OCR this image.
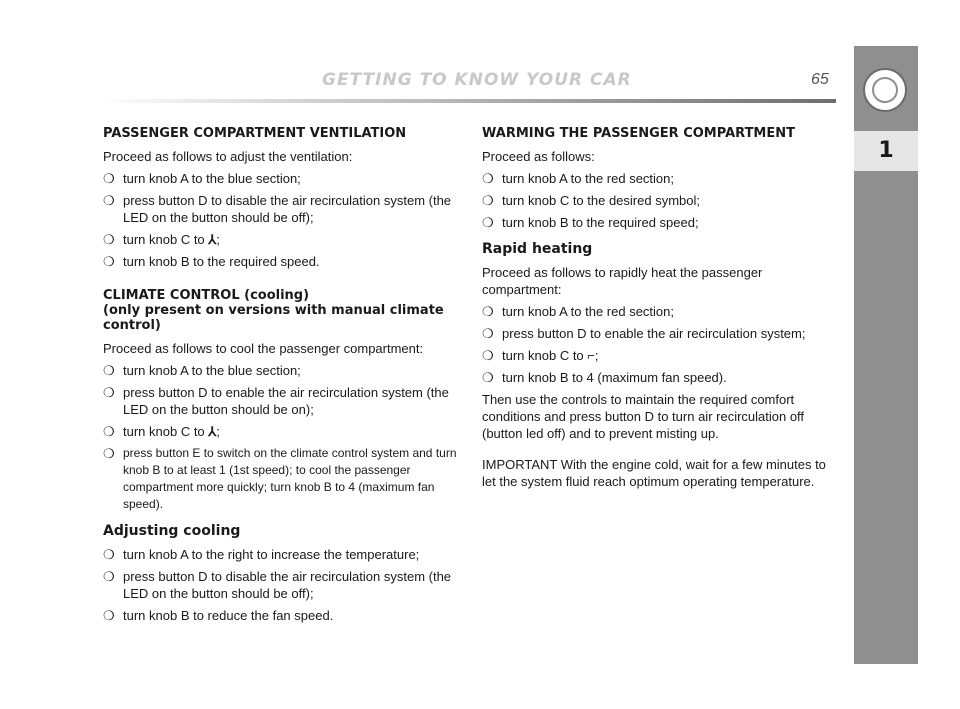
GETTING TO KNOW YOUR CAR	65
1
PASSENGER COMPARTMENT VENTILATION

Proceed as follows to adjust the ventilation:

❍ turn knob A to the blue section;
❍ press button D to disable the air recirculation system (the LED on the button should be off);
❍ turn knob C to ⅄;
❍ turn knob B to the required speed.
CLIMATE CONTROL (cooling)
(only present on versions with manual climate control)

Proceed as follows to cool the passenger compartment:

❍ turn knob A to the blue section;
❍ press button D to enable the air recirculation system (the LED on the button should be on);
❍ turn knob C to ⅄;
❍ press button E to switch on the climate control system and turn knob B to at least 1 (1st speed); to cool the passenger compartment more quickly; turn knob B to 4 (maximum fan speed).
Adjusting cooling
❍ turn knob A to the right to increase the temperature;
❍ press button D to disable the air recirculation system (the LED on the button should be off);
❍ turn knob B to reduce the fan speed.
WARMING THE PASSENGER COMPARTMENT

Proceed as follows:

❍ turn knob A to the red section;
❍ turn knob C to the desired symbol;
❍ turn knob B to the required speed;
Rapid heating

Proceed as follows to rapidly heat the passenger compartment:

❍ turn knob A to the red section;
❍ press button D to enable the air recirculation system;
❍ turn knob C to ⌐;
❍ turn knob B to 4 (maximum fan speed).

Then use the controls to maintain the required comfort conditions and press button D to turn air recirculation off (button led off) and to prevent misting up.

IMPORTANT With the engine cold, wait for a few minutes to let the system fluid reach optimum operating temperature.
